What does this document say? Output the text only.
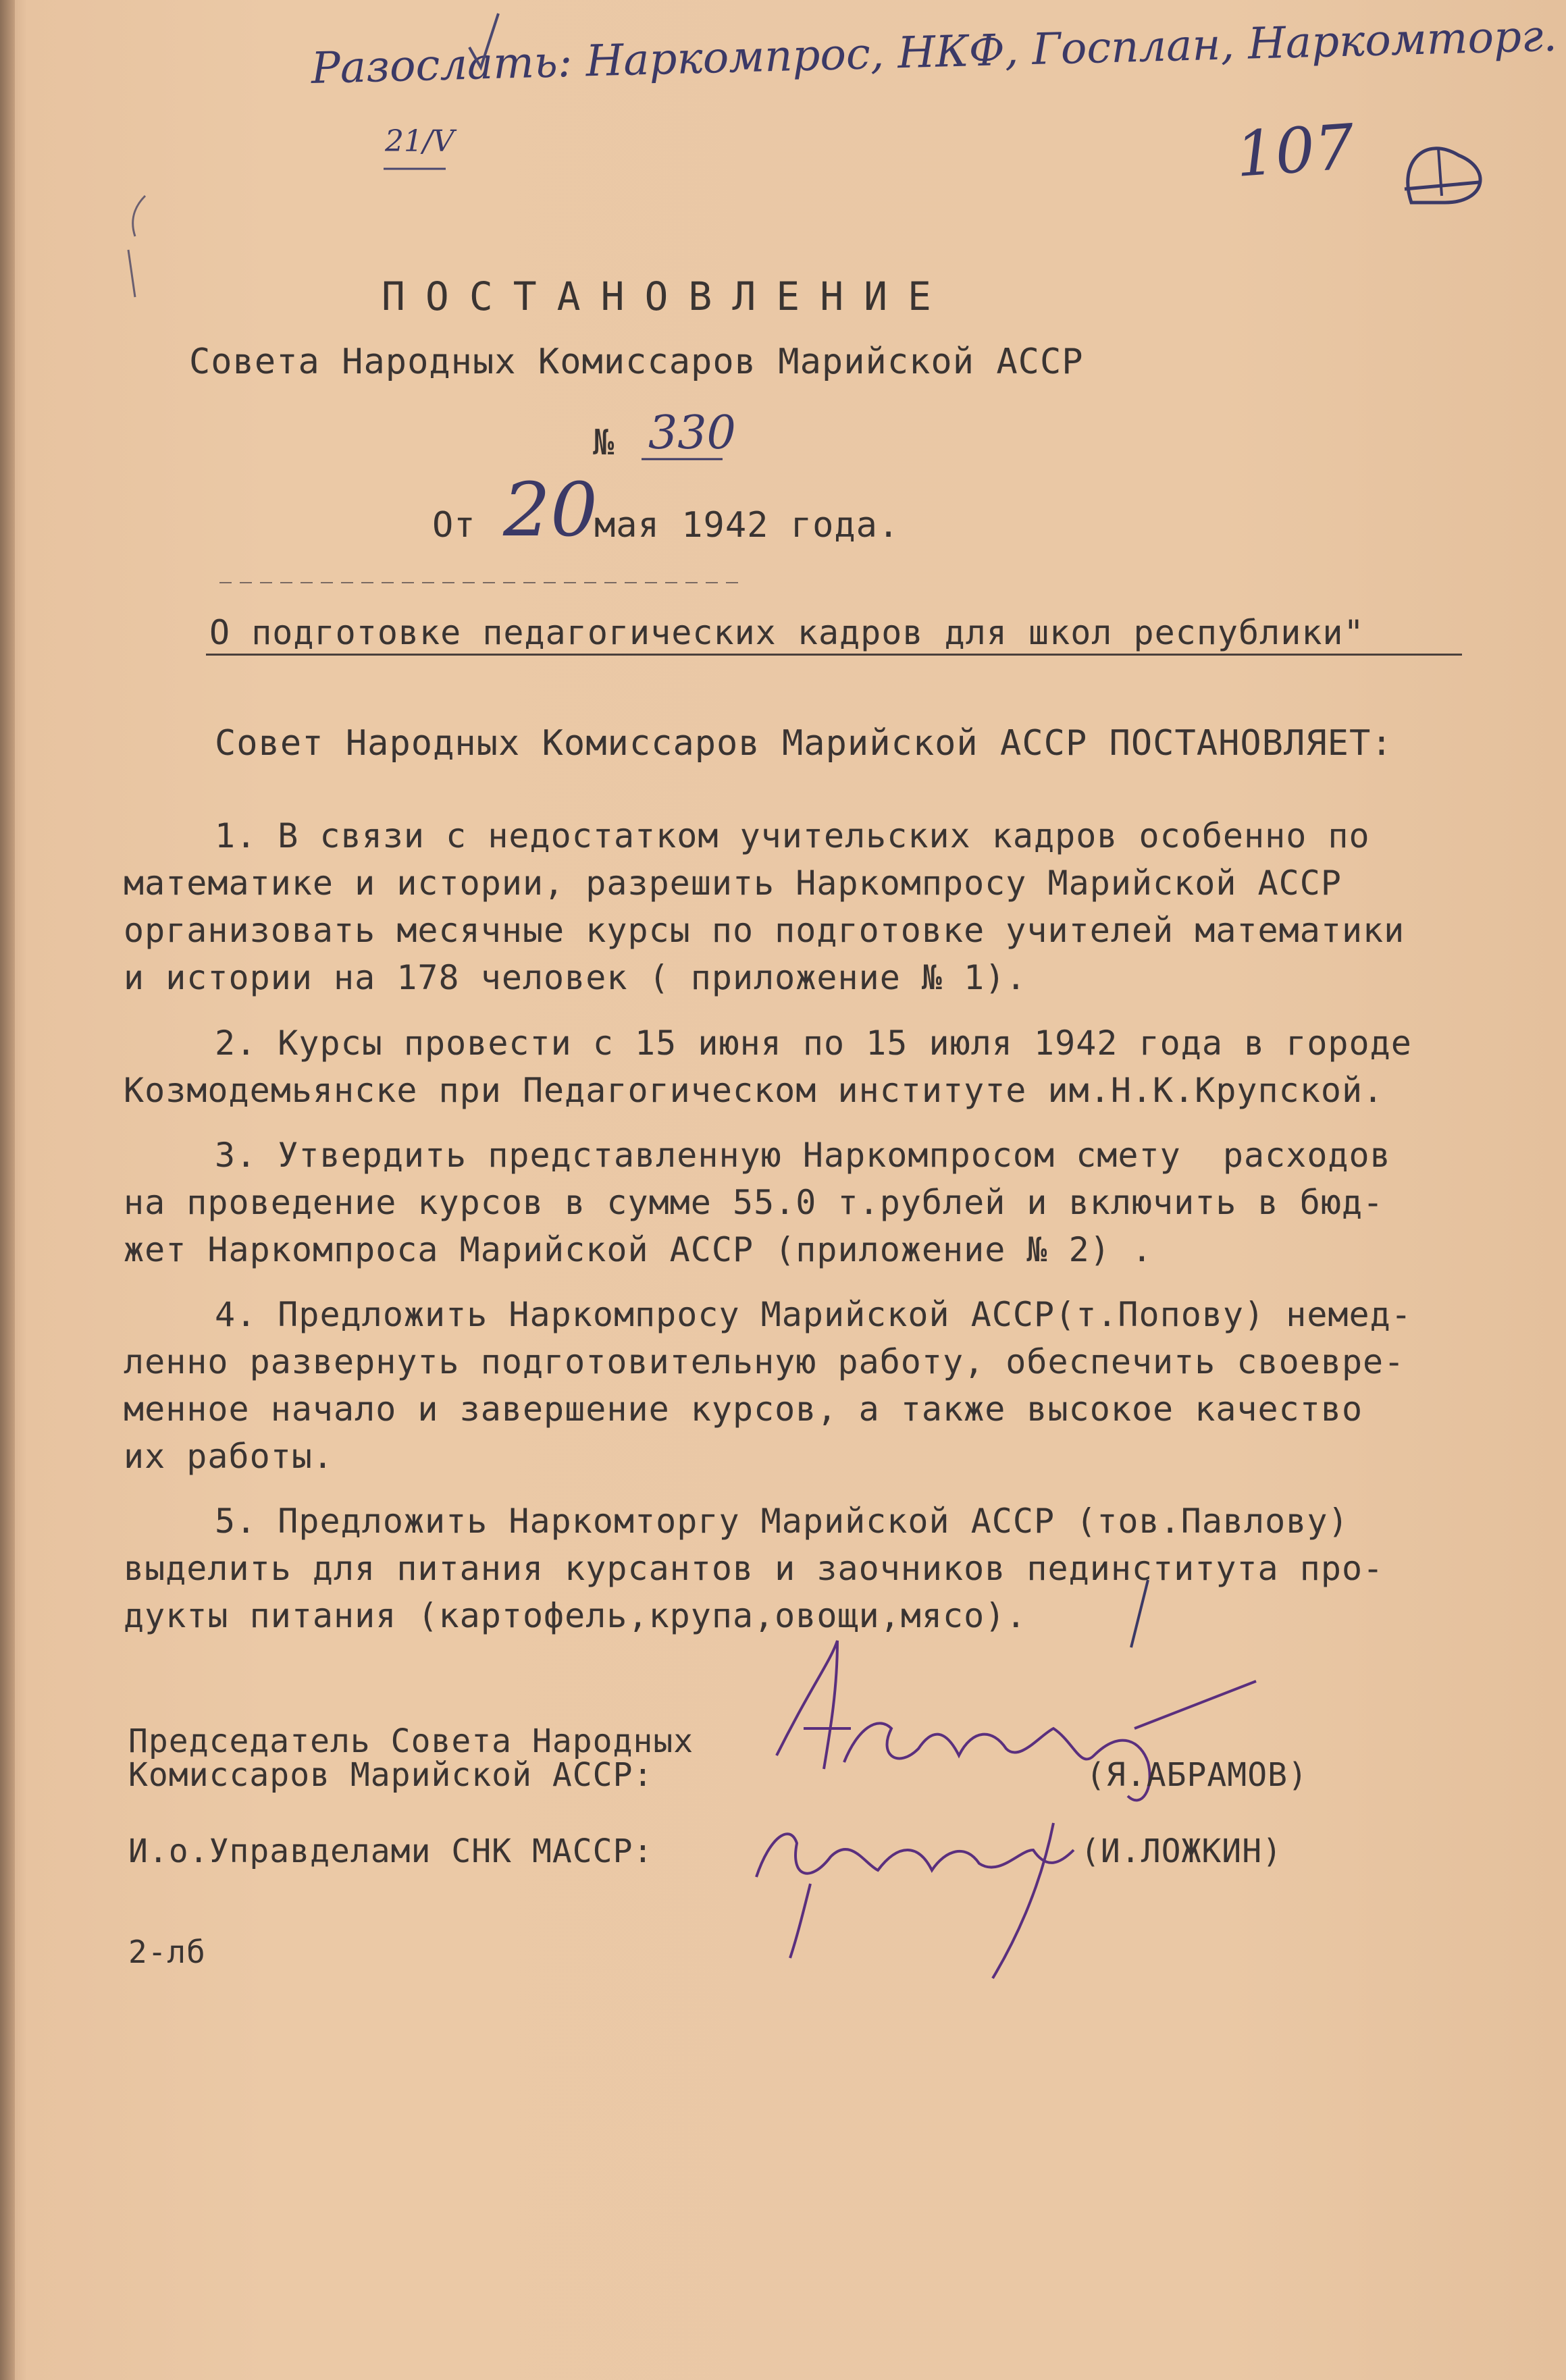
Разослать: Наркомпрос, НКФ, Госплан, Наркомторг.
21/V	107
ПОСТАНОВЛЕНИЕ
Совета Народных Комиссаров Марийской АССР
№ 330
От 20
мая 1942 года.
О подготовке педагогических кадров для школ республики"
Совет Народных Комиссаров Марийской АССР ПОСТАНОВЛЯЕТ:
1. В связи с недостатком учительских кадров особенно по
математике и истории, разрешить Наркомпросу Марийской АССР
организовать месячные курсы по подготовке учителей математики
и истории на 178 человек ( приложение № 1).
2. Курсы провести с 15 июня по 15 июля 1942 года в городе
Козмодемьянске при Педагогическом институте им.Н.К.Крупской.
3. Утвердить представленную Наркомпросом смету  расходов
на проведение курсов в сумме 55.0 т.рублей и включить в бюд-
жет Наркомпроса Марийской АССР (приложение № 2) .
4. Предложить Наркомпросу Марийской АССР(т.Попову) немед-
ленно развернуть подготовительную работу, обеспечить своевре-
менное начало и завершение курсов, а также высокое качество
их работы.
5. Предложить Наркомторгу Марийской АССР (тов.Павлову)
выделить для питания курсантов и заочников пединститута про-
дукты питания (картофель,крупа,овощи,мясо).
Председатель Совета Народных
Комиссаров Марийской АССР:	(Я.АБРАМОВ)
И.о.Управделами СНК МАССР:	(И.ЛОЖКИН)
2-лб
